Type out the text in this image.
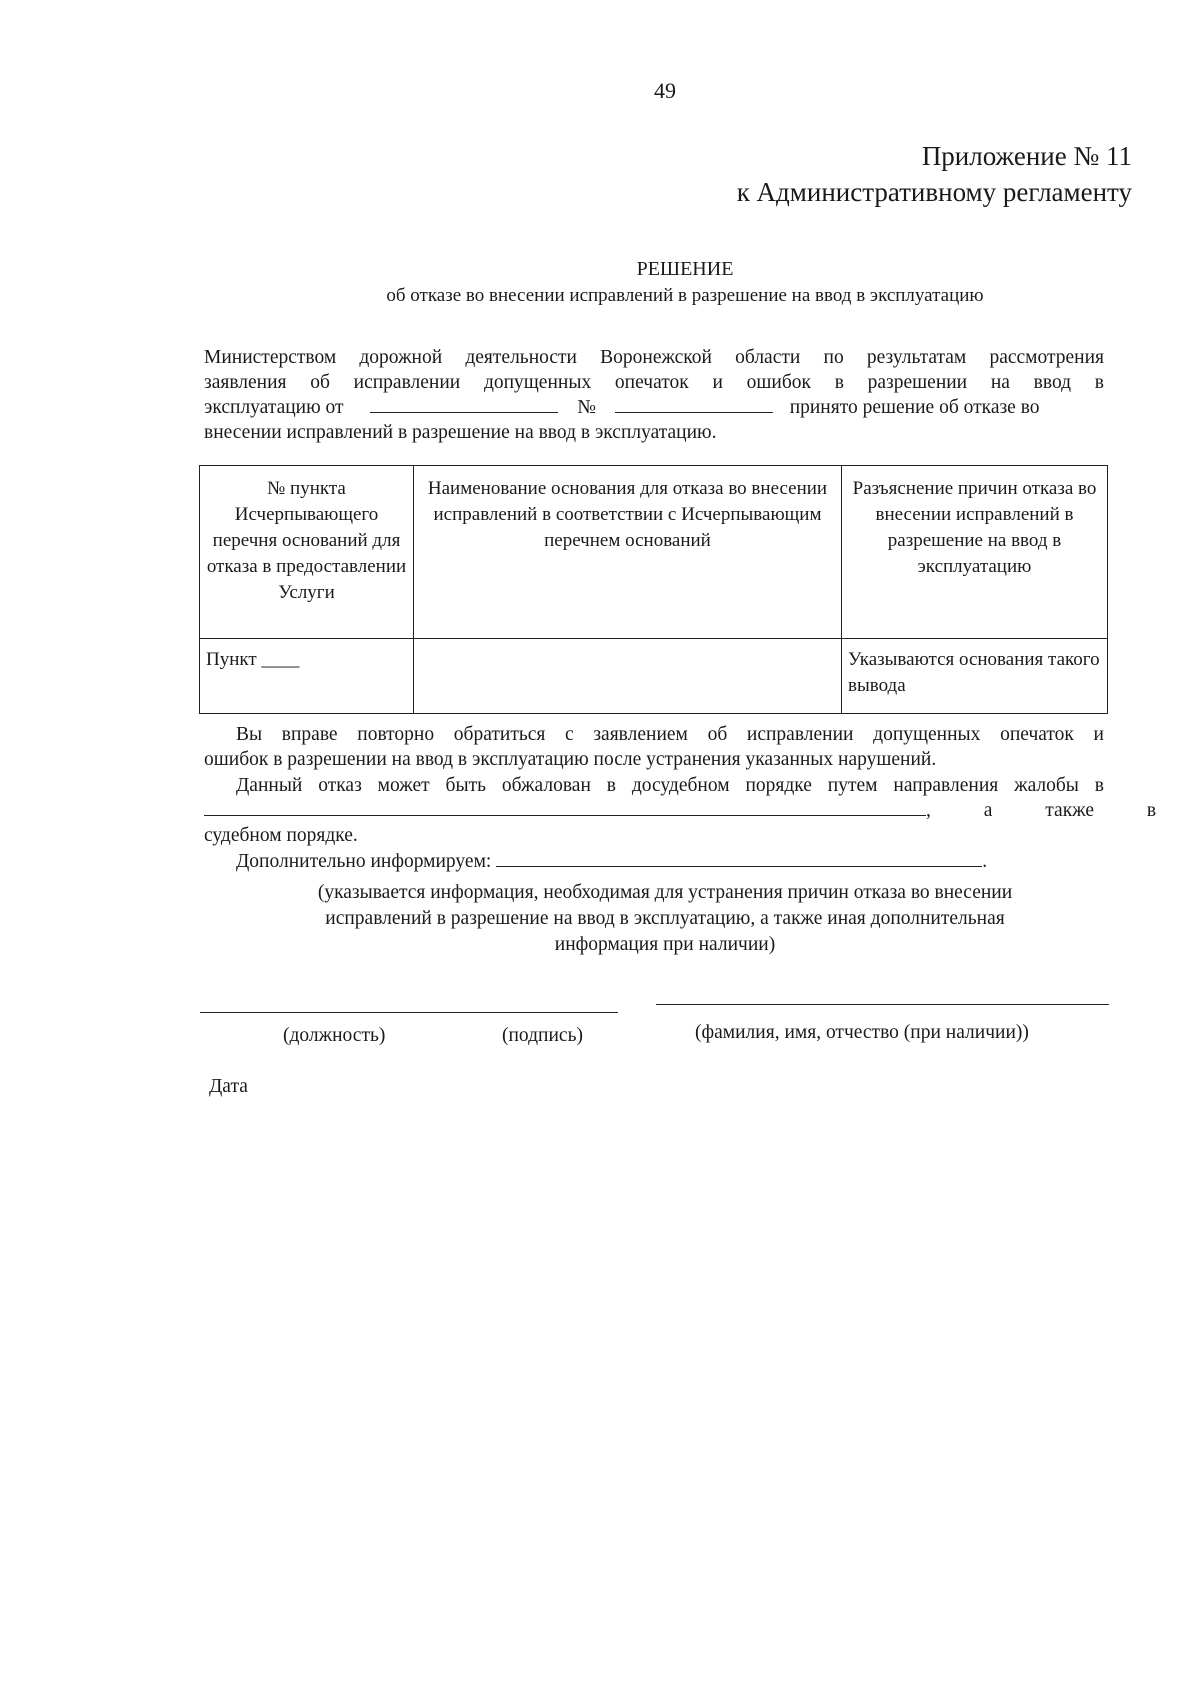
49
Приложение № 11
к Административному регламенту
РЕШЕНИЕ
об отказе во внесении исправлений в разрешение на ввод в эксплуатацию
Министерством дорожной деятельности Воронежской области по результатам рассмотрения
заявления об исправлении допущенных опечаток и ошибок в разрешении на ввод в
эксплуатацию от	№	принято решение об отказе во
внесении исправлений в разрешение на ввод в эксплуатацию.
№ пункта Исчерпывающего перечня оснований для отказа в предоставлении Услуги	Наименование основания для отказа во внесении исправлений в соответствии с Исчерпывающим перечнем оснований	Разъяснение причин отказа во внесении исправлений в разрешение на ввод в эксплуатацию
Пункт ____		Указываются основания такого вывода
Вы вправе повторно обратиться с заявлением об исправлении допущенных опечаток и
ошибок в разрешении на ввод в эксплуатацию после устранения указанных нарушений.
Данный отказ может быть обжалован в досудебном порядке путем направления жалобы в
, а также в
судебном порядке.
Дополнительно информируем:	.
(указывается информация, необходимая для устранения причин отказа во внесении
исправлений в разрешение на ввод в эксплуатацию, а также иная дополнительная
информация при наличии)
(должность)	(подпись)	(фамилия, имя, отчество (при наличии))
Дата
